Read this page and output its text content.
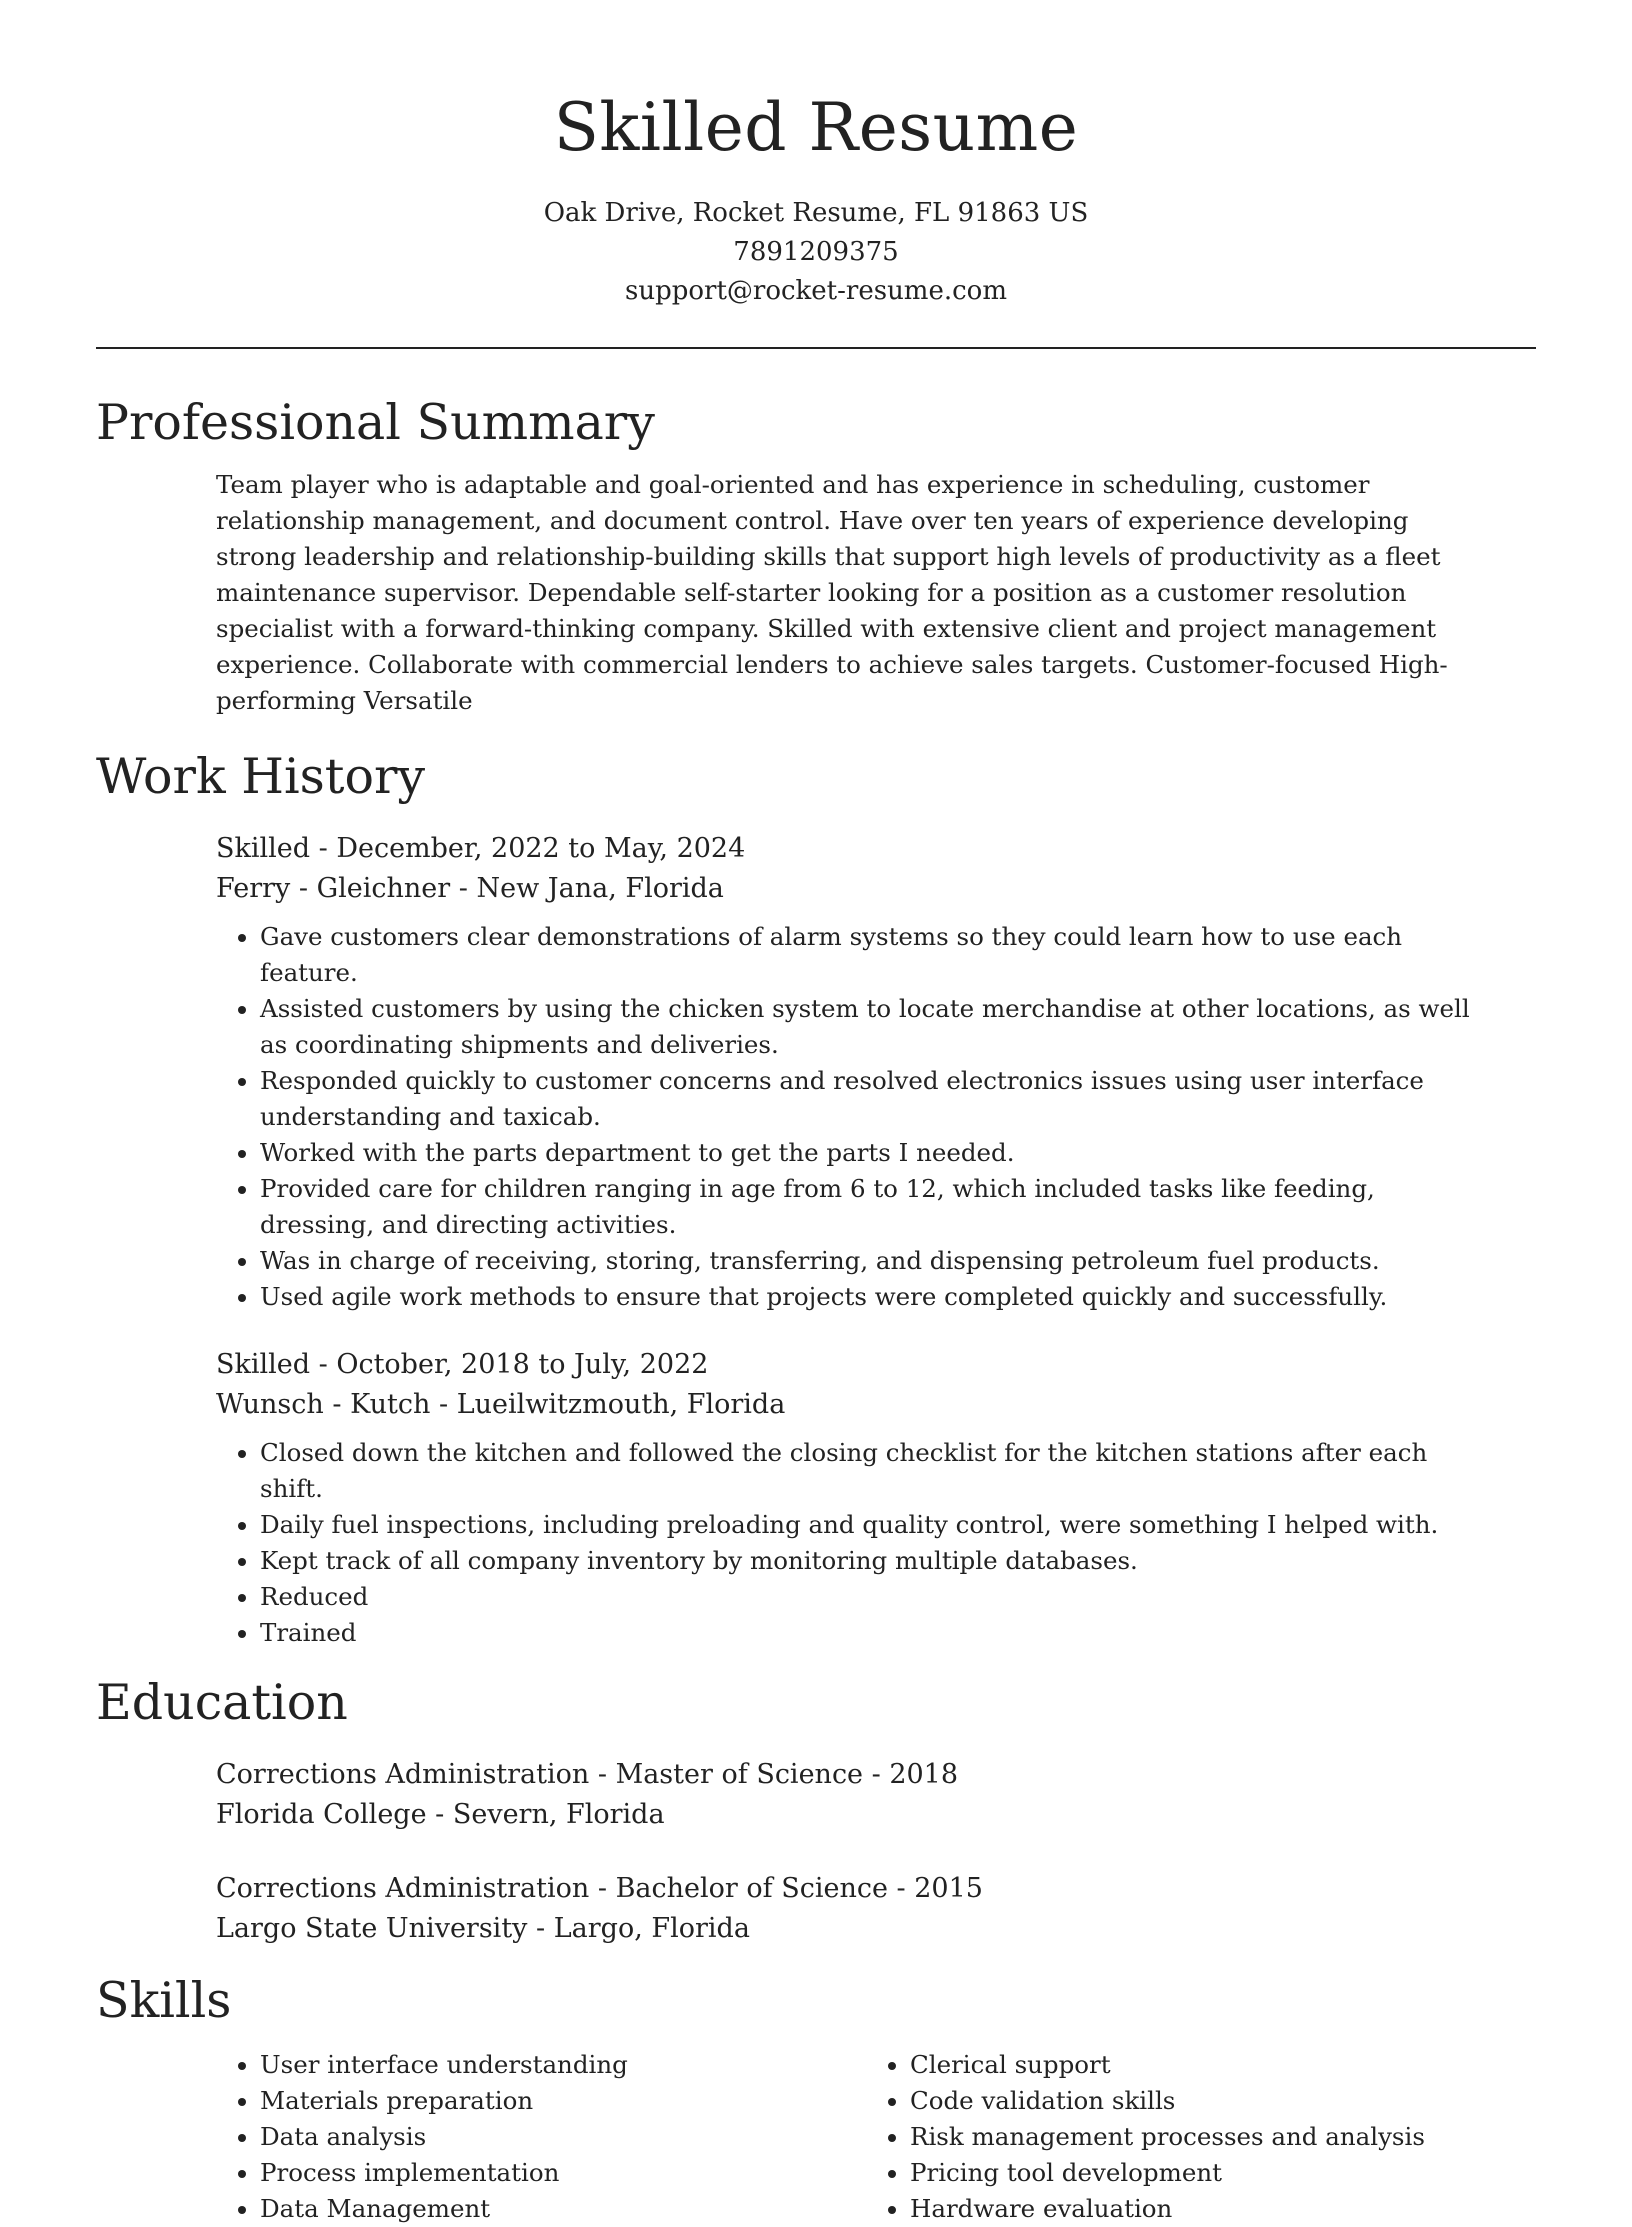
Skilled Resume
Oak Drive, Rocket Resume, FL 91863 US
7891209375
support@rocket-resume.com
Professional Summary

Team player who is adaptable and goal-oriented and has experience in scheduling, customer relationship management, and document control. Have over ten years of experience developing strong leadership and relationship-building skills that support high levels of productivity as a fleet maintenance supervisor. Dependable self-starter looking for a position as a customer resolution specialist with a forward-thinking company. Skilled with extensive client and project management experience. Collaborate with commercial lenders to achieve sales targets. Customer-focused High-performing Versatile

Work History
Skilled - December, 2022 to May, 2024
Ferry - Gleichner - New Jana, Florida
• Gave customers clear demonstrations of alarm systems so they could learn how to use each feature.
• Assisted customers by using the chicken system to locate merchandise at other locations, as well as coordinating shipments and deliveries.
• Responded quickly to customer concerns and resolved electronics issues using user interface understanding and taxicab.
• Worked with the parts department to get the parts I needed.
• Provided care for children ranging in age from 6 to 12, which included tasks like feeding, dressing, and directing activities.
• Was in charge of receiving, storing, transferring, and dispensing petroleum fuel products.
• Used agile work methods to ensure that projects were completed quickly and successfully.
Skilled - October, 2018 to July, 2022
Wunsch - Kutch - Lueilwitzmouth, Florida
• Closed down the kitchen and followed the closing checklist for the kitchen stations after each shift.
• Daily fuel inspections, including preloading and quality control, were something I helped with.
• Kept track of all company inventory by monitoring multiple databases.
• Reduced
• Trained
Education
Corrections Administration - Master of Science - 2018
Florida College - Severn, Florida
Corrections Administration - Bachelor of Science - 2015
Largo State University - Largo, Florida
Skills
• User interface understanding
• Materials preparation
• Data analysis
• Process implementation
• Data Management
• Clerical support
• Code validation skills
• Risk management processes and analysis
• Pricing tool development
• Hardware evaluation
